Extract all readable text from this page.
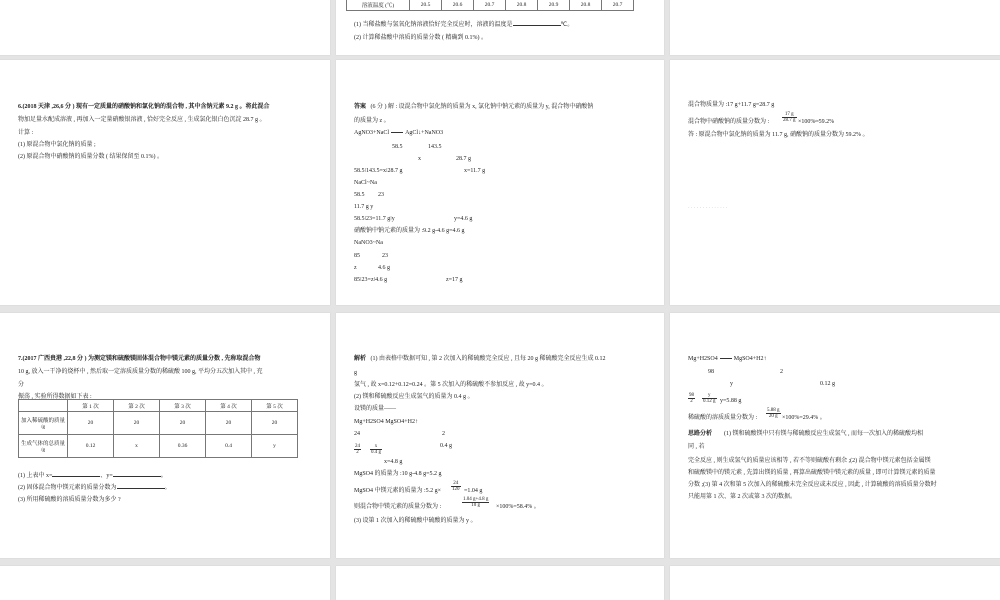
溶液温度 (℃)	20.5	20.6	20.7	20.8	20.9	20.8	20.7
(1) 当稀盐酸与氢氧化钠溶液恰好完全反应时，溶液的温度是	℃。
(2) 计算稀盐酸中溶质的质量分数 ( 精确到 0.1%) 。
6.(2018 天津 ,26,6 分 ) 现有一定质量的硝酸钠和氯化钠的混合物 , 其中含钠元素 9.2 g 。将此混合
物加足量水配成溶液 , 再加入一定量硝酸银溶液 , 恰好完全反应 , 生成氯化银白色沉淀 28.7 g 。
计算 :
(1) 原混合物中氯化钠的质量 ;
(2) 原混合物中硝酸钠的质量分数 ( 结果保留至 0.1%) 。
答案 (6 分 ) 解 : 设混合物中氯化钠的质量为 x, 氯化钠中钠元素的质量为 y, 混合物中硝酸钠
的质量为 z 。
AgNO3+NaCl	AgCl↓+NaNO3
58.5	143.5
x	28.7 g
58.5∶143.5=x∶28.7 g	x=11.7 g
NaCl~Na
58.5 23
11.7 g y
58.5∶23=11.7 g∶y	y=4.6 g
硝酸钠中钠元素的质量为 :9.2 g-4.6 g=4.6 g
NaNO3~Na
85	23
z	4.6 g
85∶23=z∶4.6 g	z=17 g
混合物质量为 :17 g+11.7 g=28.7 g
混合物中硝酸钠的质量分数为 :	$\frac{17 g}{28.7 g} \times 100\%\approx 59.2\%$
答 : 原混合物中氯化钠的质量为 11.7 g, 硝酸钠的质量分数为 59.2% 。
· · · · · · · · · · · · · ·
7.(2017 广西贵港 ,22,8 分 ) 为测定镁和硫酸镁固体混合物中镁元素的质量分数 , 先称取混合物
10 g, 放入一干净的烧杯中 , 然后取一定溶质质量分数的稀硫酸 100 g, 平均分五次加入其中 , 充
分
振荡 , 实验所得数据如下表 :
	第 1 次	第 2 次	第 3 次	第 4 次	第 5 次
加入稀硫酸的质量 /g	20	20	20	20	20
生成气体的总质量 /g	0.12	x	0.36	0.4	y
(1) 上表中 x=	、y=	。
(2) 固体混合物中镁元素的质量分数为	。
(3) 所用稀硫酸的溶质质量分数为多少 ?
解析 (1) 由表格中数据可知 , 第 2 次加入的稀硫酸完全反应 , 且每 20 g 稀硫酸完全反应生成 0.12
g
氢气 , 故 x=0.12+0.12=0.24 。第 5 次加入的稀硫酸不参加反应 , 故 y=0.4 。
(2) 镁和稀硫酸反应生成氢气的质量为 0.4 g 。
设镁的质量——
Mg+H2SO4 MgSO4+H2↑
24	2
0.4 g
$\frac{24}{2} \frac{x}{0.4 g}$
x=4.8 g
MgSO4 的质量为 :10 g-4.8 g=5.2 g
MgSO4 中镁元素的质量为 :5.2 $g\times \frac{24}{120} =1.04$ g
则混合物中镁元素的质量分数为 :	$\frac{1.04 g+4.8 g}{10 g} \times 100\%=58.4\%$ 。
(3) 设第 1 次加入的稀硫酸中硫酸的质量为 y 。
Mg+H2SO4	MgSO4+H2↑
98	2
y	0.12 g
$\frac{98}{2} \frac{y}{0.12 g} y=5.88$ g
稀硫酸的溶质质量分数为 : $\frac{5.88 g}{20 g} \times 100\%=29.4\%$ 。
思路分析 (1) 镁和硫酸镁中只有镁与稀硫酸反应生成氢气 , 而每一次加入的稀硫酸均相
同 , 若
完全反应 , 则生成氢气的质量应该相等 , 若不等则硫酸有剩余 ;(2) 混合物中镁元素包括金属镁
和硫酸镁中的镁元素 , 先算出镁的质量 , 再算出硫酸镁中镁元素的质量 , 即可计算镁元素的质量
分数 ;(3) 第 4 次和第 5 次加入的稀硫酸未完全反应或未反应 , 因此 , 计算硫酸的溶质质量分数时
只能用第 1 次、第 2 次或第 3 次的数据。
